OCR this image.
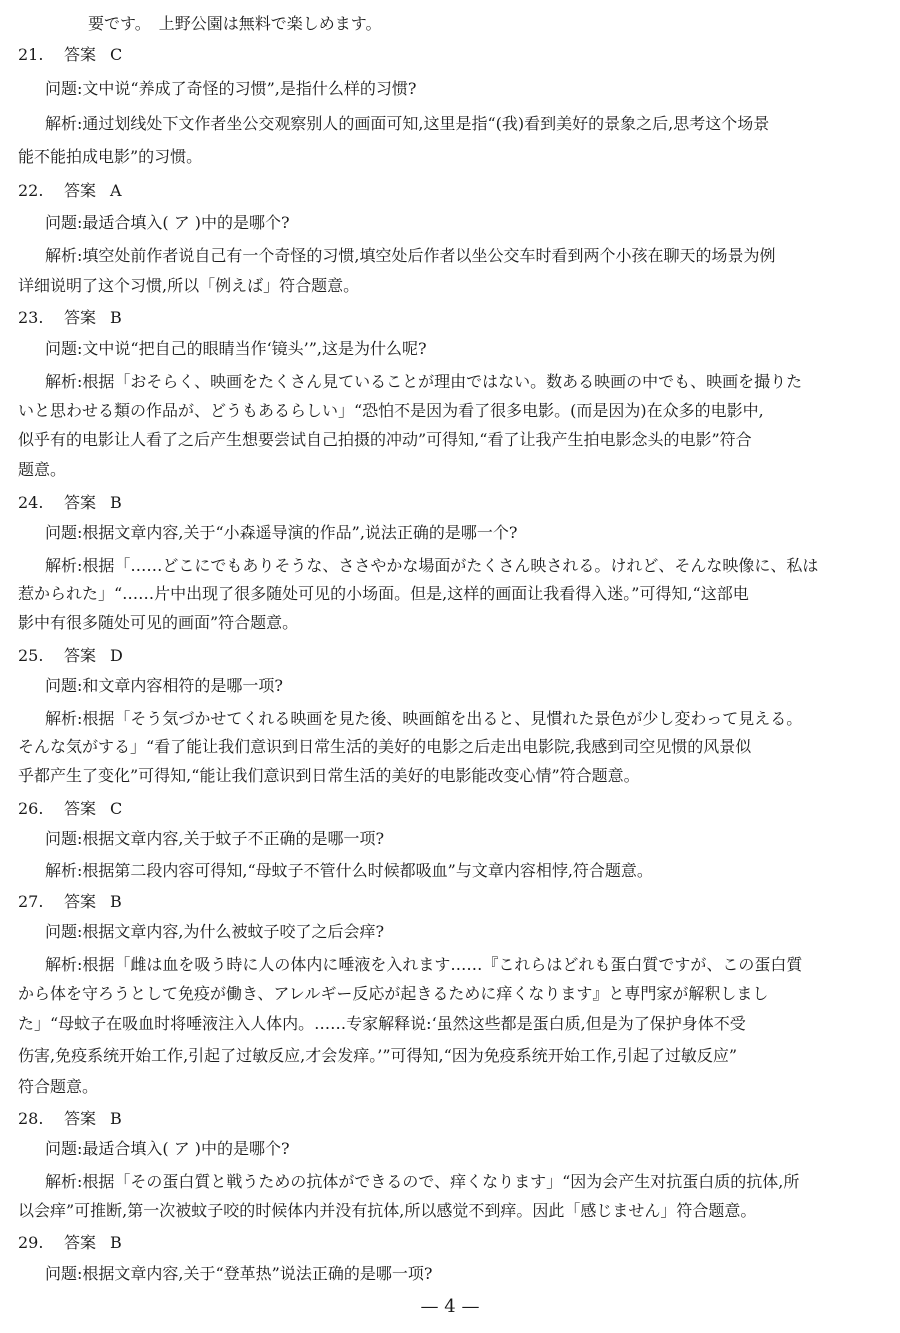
要です。　上野公園は無料で楽しめます。
21. 答案 C
问题:文中说“养成了奇怪的习惯”,是指什么样的习惯?
解析:通过划线处下文作者坐公交观察别人的画面可知,这里是指“(我)看到美好的景象之后,思考这个场景
能不能拍成电影”的习惯。
22. 答案 A
问题:最适合填入( ア )中的是哪个?
解析:填空处前作者说自己有一个奇怪的习惯,填空处后作者以坐公交车时看到两个小孩在聊天的场景为例
详细说明了这个习惯,所以「例えば」符合题意。
23. 答案 B
问题:文中说“把自己的眼睛当作‘镜头’”,这是为什么呢?
解析:根据「おそらく、映画をたくさん見ていることが理由ではない。数ある映画の中でも、映画を撮りた
いと思わせる類の作品が、どうもあるらしい」“恐怕不是因为看了很多电影。(而是因为)在众多的电影中,
似乎有的电影让人看了之后产生想要尝试自己拍摄的冲动”可得知,“看了让我产生拍电影念头的电影”符合
题意。
24. 答案 B
问题:根据文章内容,关于“小森遥导演的作品”,说法正确的是哪一个?
解析:根据「……どこにでもありそうな、ささやかな場面がたくさん映される。けれど、そんな映像に、私は
惹かられた」“……片中出现了很多随处可见的小场面。但是,这样的画面让我看得入迷。”可得知,“这部电
影中有很多随处可见的画面”符合题意。
25. 答案 D
问题:和文章内容相符的是哪一项?
解析:根据「そう気づかせてくれる映画を見た後、映画館を出ると、見慣れた景色が少し変わって見える。
そんな気がする」“看了能让我们意识到日常生活的美好的电影之后走出电影院,我感到司空见惯的风景似
乎都产生了变化”可得知,“能让我们意识到日常生活的美好的电影能改变心情”符合题意。
26. 答案 C
问题:根据文章内容,关于蚊子不正确的是哪一项?
解析:根据第二段内容可得知,“母蚊子不管什么时候都吸血”与文章内容相悖,符合题意。
27. 答案 B
问题:根据文章内容,为什么被蚊子咬了之后会痒?
解析:根据「雌は血を吸う時に人の体内に唾液を入れます……『これらはどれも蛋白質ですが、この蛋白質
から体を守ろうとして免疫が働き、アレルギー反応が起きるために痒くなります』と専門家が解釈しまし
た」“母蚊子在吸血时将唾液注入人体内。……专家解释说:‘虽然这些都是蛋白质,但是为了保护身体不受
伤害,免疫系统开始工作,引起了过敏反应,才会发痒。’”可得知,“因为免疫系统开始工作,引起了过敏反应”
符合题意。
28. 答案 B
问题:最适合填入( ア )中的是哪个?
解析:根据「その蛋白質と戦うための抗体ができるので、痒くなります」“因为会产生对抗蛋白质的抗体,所
以会痒”可推断,第一次被蚊子咬的时候体内并没有抗体,所以感觉不到痒。因此「感じません」符合题意。
29. 答案 B
问题:根据文章内容,关于“登革热”说法正确的是哪一项?
— 4 —
